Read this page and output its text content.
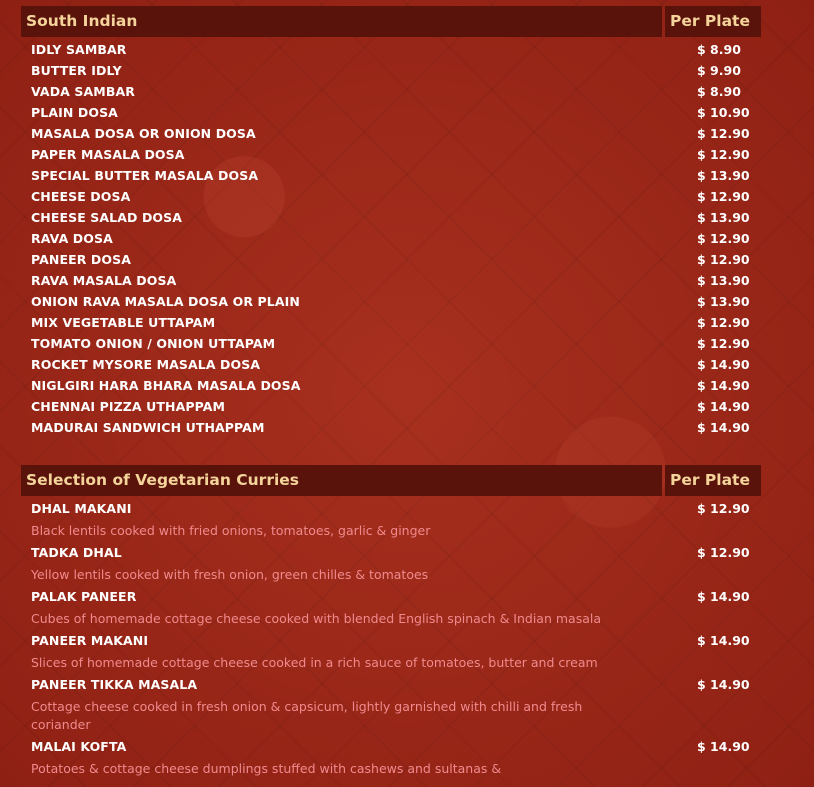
South Indian	Per Plate
IDLY SAMBAR	$ 8.90
BUTTER IDLY	$ 9.90
VADA SAMBAR	$ 8.90
PLAIN DOSA	$ 10.90
MASALA DOSA OR ONION DOSA	$ 12.90
PAPER MASALA DOSA	$ 12.90
SPECIAL BUTTER MASALA DOSA	$ 13.90
CHEESE DOSA	$ 12.90
CHEESE SALAD DOSA	$ 13.90
RAVA DOSA	$ 12.90
PANEER DOSA	$ 12.90
RAVA MASALA DOSA	$ 13.90
ONION RAVA MASALA DOSA OR PLAIN	$ 13.90
MIX VEGETABLE UTTAPAM	$ 12.90
TOMATO ONION / ONION UTTAPAM	$ 12.90
ROCKET MYSORE MASALA DOSA	$ 14.90
NIGLGIRI HARA BHARA MASALA DOSA	$ 14.90
CHENNAI PIZZA UTHAPPAM	$ 14.90
MADURAI SANDWICH UTHAPPAM	$ 14.90
Selection of Vegetarian Curries	Per Plate
DHAL MAKANI	$ 12.90
Black lentils cooked with fried onions, tomatoes, garlic & ginger
TADKA DHAL	$ 12.90
Yellow lentils cooked with fresh onion, green chilles & tomatoes
PALAK PANEER	$ 14.90
Cubes of homemade cottage cheese cooked with blended English spinach & Indian masala
PANEER MAKANI	$ 14.90
Slices of homemade cottage cheese cooked in a rich sauce of tomatoes, butter and cream
PANEER TIKKA MASALA	$ 14.90
Cottage cheese cooked in fresh onion & capsicum, lightly garnished with chilli and fresh coriander
MALAI KOFTA	$ 14.90
Potatoes & cottage cheese dumplings stuffed with cashews and sultanas &
